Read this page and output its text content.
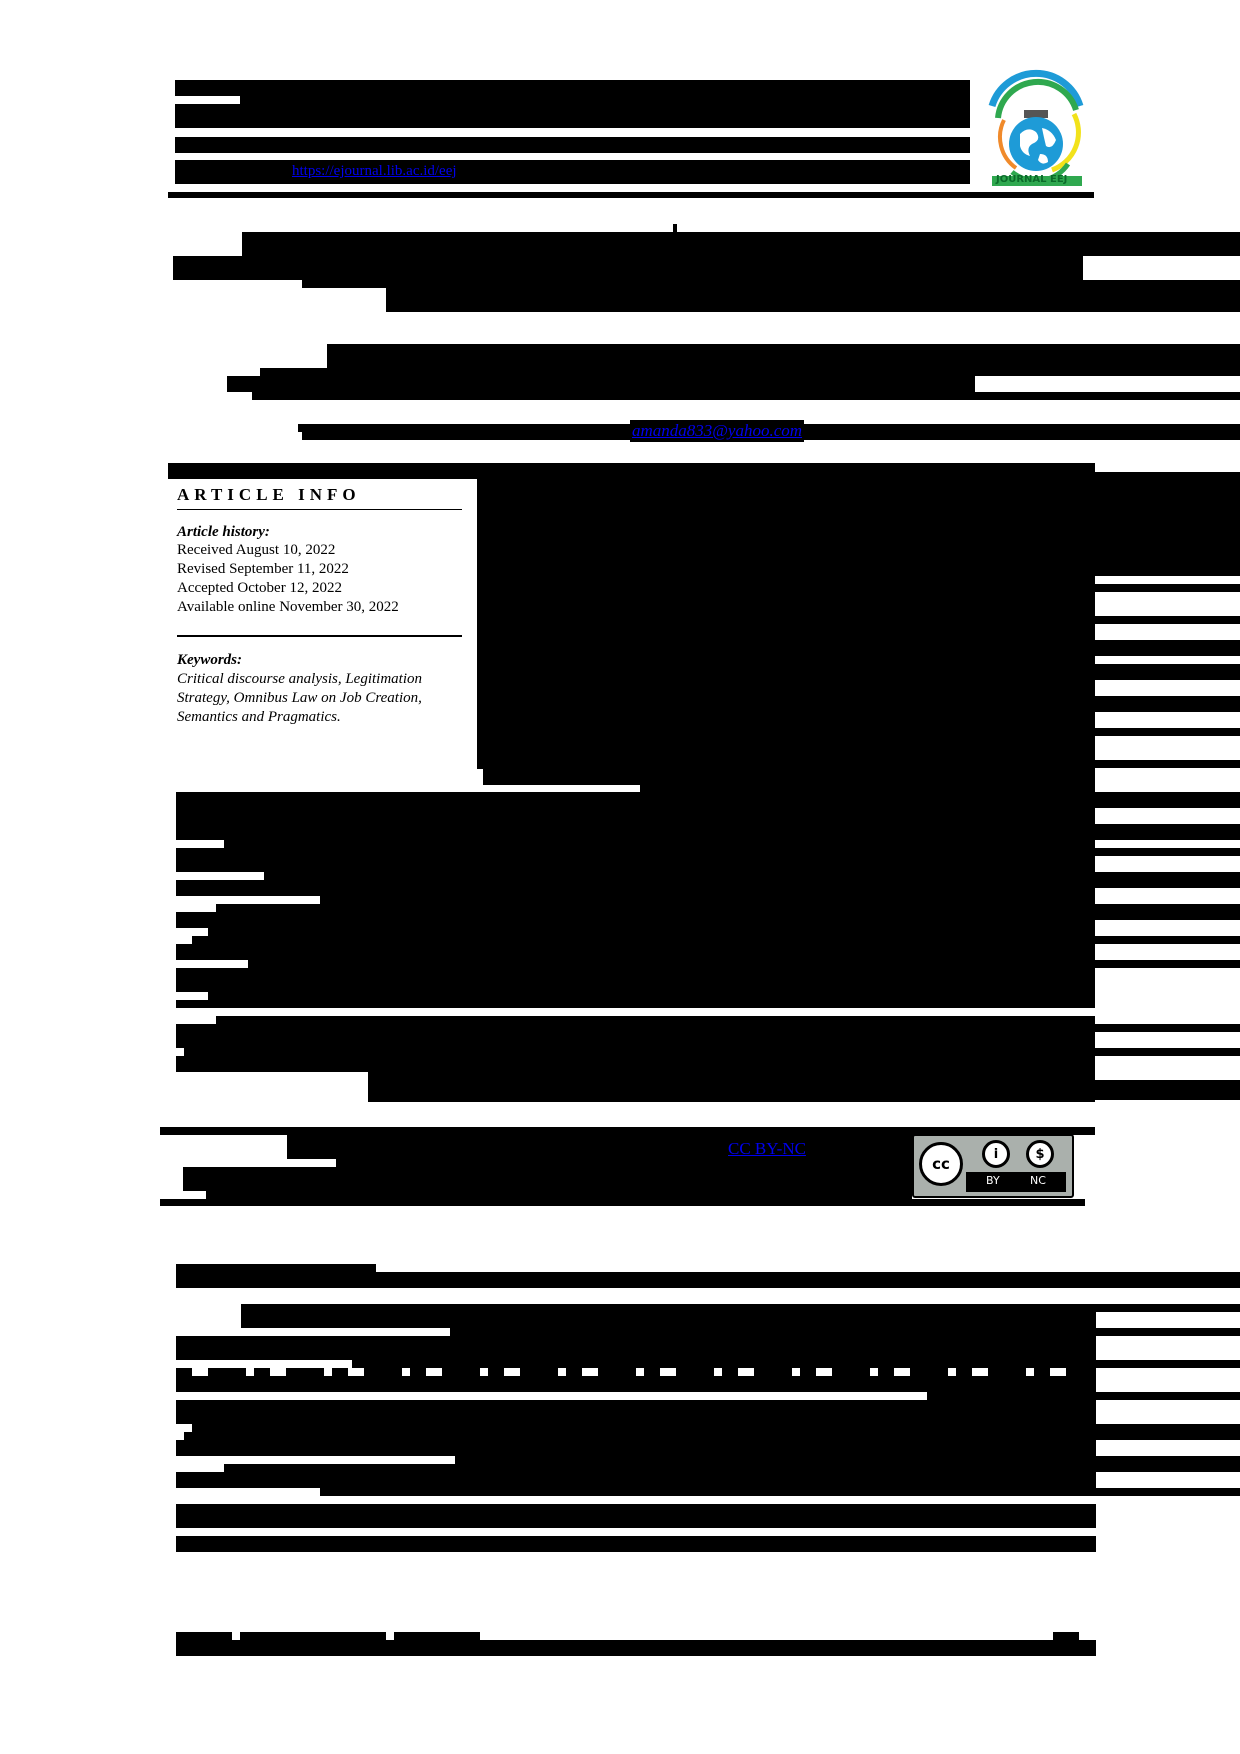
https://ejournal.lib.ac.id/eej
JOURNAL EEJ
amanda833@yahoo.com
ARTICLE INFO
Article history:
Received August 10, 2022
Revised September 11, 2022
Accepted October 12, 2022
Available online November 30, 2022
Keywords:
Critical discourse analysis, Legitimation
Strategy, Omnibus Law on Job Creation,
Semantics and Pragmatics.
CC BY-NC
cc
i	$
BY	NC
